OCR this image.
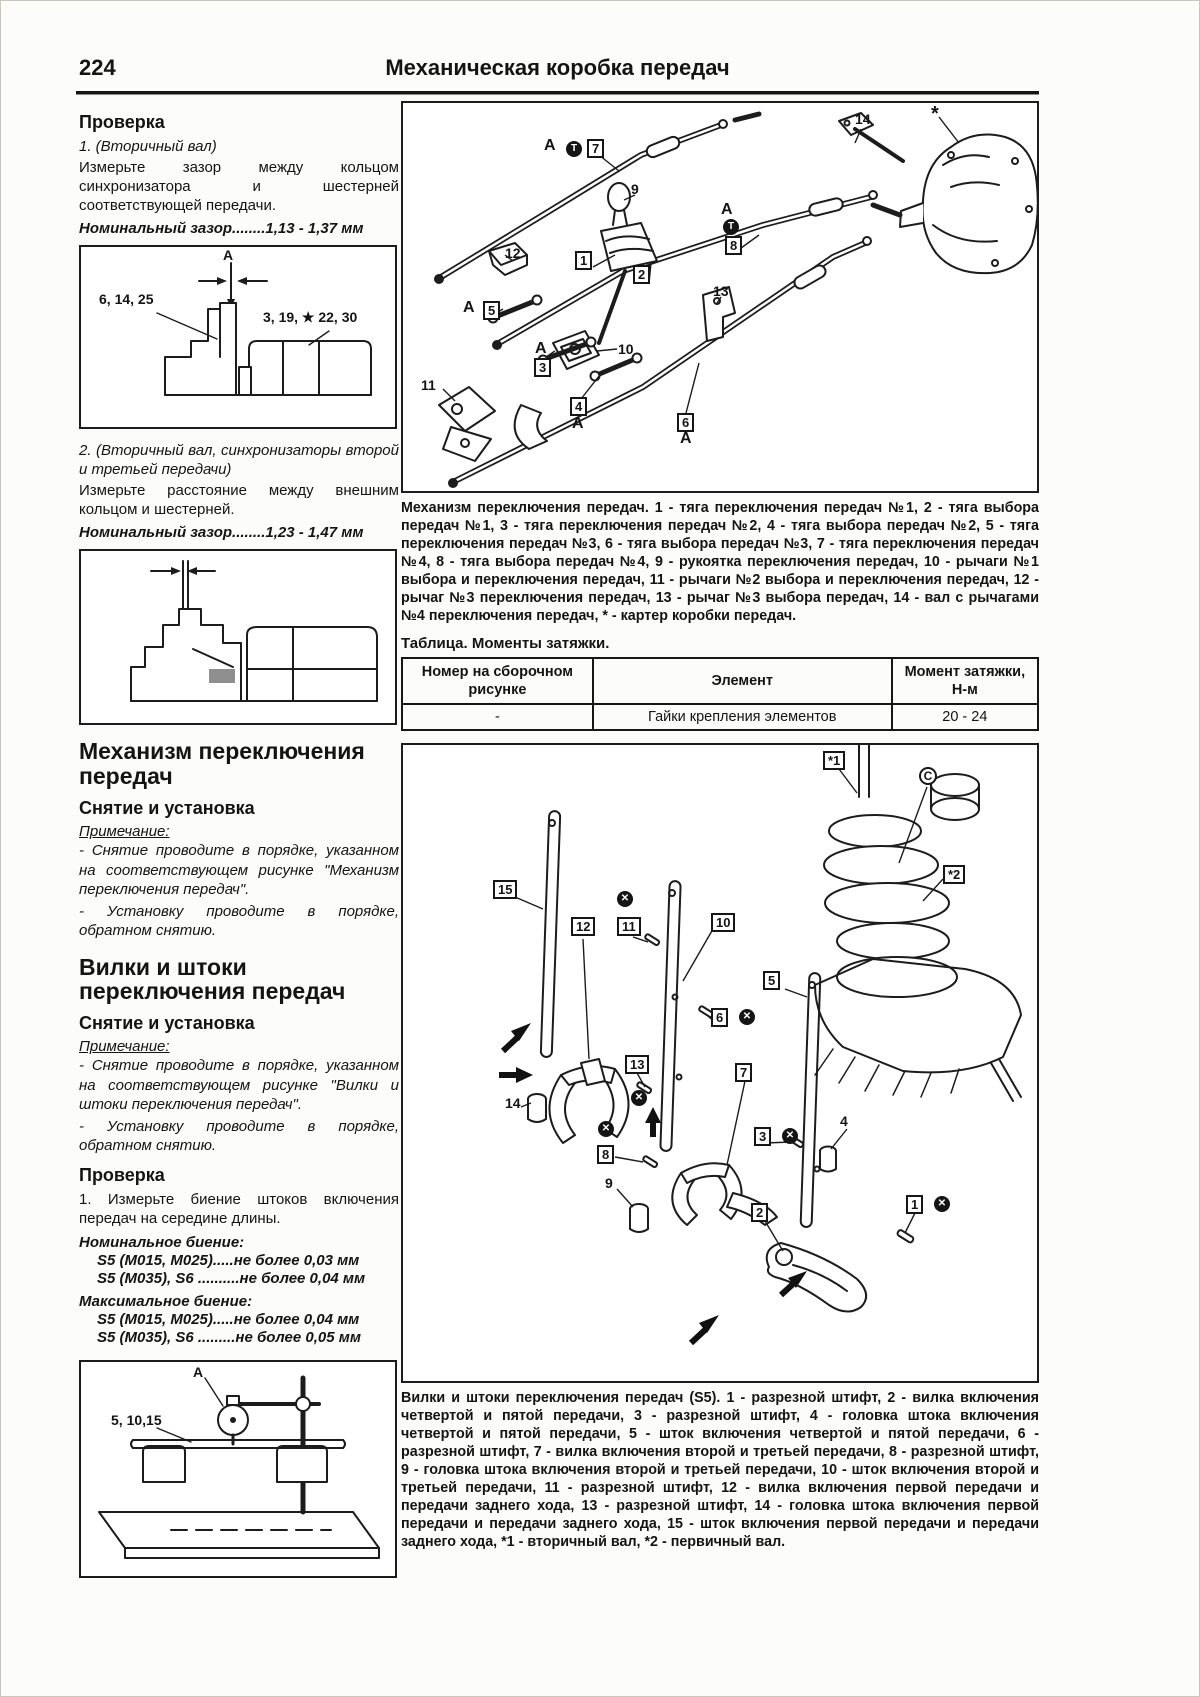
224	Механическая коробка передач
Проверка

1. (Вторичный вал)

Измерьте зазор между кольцом синхронизатора и шестерней соответствующей передачи.

Номинальный зазор........1,13 - 1,37 мм

A
6, 14, 25
3, 19, ★ 22, 30

2. (Вторичный вал, синхронизаторы второй и третьей передачи)

Измерьте расстояние между внешним кольцом и шестерней.

Номинальный зазор........1,23 - 1,47 мм

Механизм переключения передач
Снятие и установка
Примечание:

- Снятие проводите в порядке, указанном на соответствующем рисунке "Механизм переключения передач".

- Установку проводите в порядке, обратном снятию.

Вилки и штоки переключения передач
Снятие и установка
Примечание:

- Снятие проводите в порядке, указанном на соответствующем рисунке "Вилки и штоки переключения передач".

- Установку проводите в порядке, обратном снятию.

Проверка

1. Измерьте биение штоков включения передач на середине длины.

Номинальное биение:
S5 (M015, M025).....не более 0,03 мм
S5 (M035), S6 ..........не более 0,04 мм
Максимальное биение:
S5 (M015, M025).....не более 0,04 мм
S5 (M035), S6 .........не более 0,05 мм
A
5, 10,15
A	Т	7
9
14	*
12	1
2
13
A
Т
8
A	5
A
3
10
11
4
A	6
A

Механизм переключения передач. 1 - тяга переключения передач №1, 2 - тяга выбора передач №1, 3 - тяга переключения передач №2, 4 - тяга выбора передач №2, 5 - тяга переключения передач №3, 6 - тяга выбора передач №3, 7 - тяга переключения передач №4, 8 - тяга выбора передач №4, 9 - рукоятка переключения передач, 10 - рычаги №1 выбора и переключения передач, 11 - рычаги №2 выбора и переключения передач, 12 - рычаг №3 переключения передач, 13 - рычаг №3 выбора передач, 14 - вал с рычагами №4 переключения передач, * - картер коробки передач.

Таблица. Моменты затяжки.
Номер на сборочном рисунке	Элемент	Момент затяжки, Н-м
-	Гайки крепления элементов	20 - 24
*1
С
*2
15
12
✕
11	10
5
6	✕
13
7
✕
✕
8
9
3	✕
4
14
2
1	✕

Вилки и штоки переключения передач (S5). 1 - разрезной штифт, 2 - вилка включения четвертой и пятой передачи, 3 - разрезной штифт, 4 - головка штока включения четвертой и пятой передачи, 5 - шток включения четвертой и пятой передачи, 6 - разрезной штифт, 7 - вилка включения второй и третьей передачи, 8 - разрезной штифт, 9 - головка штока включения второй и третьей передачи, 10 - шток включения второй и третьей передачи, 11 - разрезной штифт, 12 - вилка включения первой передачи и передачи заднего хода, 13 - разрезной штифт, 14 - головка штока включения первой передачи и передачи заднего хода, 15 - шток включения первой передачи и передачи заднего хода, *1 - вторичный вал, *2 - первичный вал.
